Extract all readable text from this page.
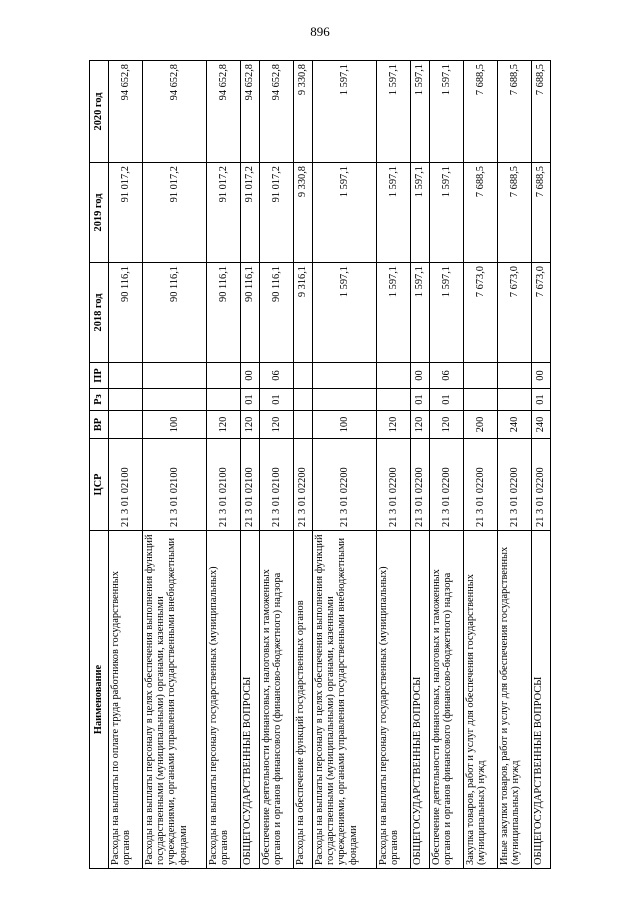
896
Наименование	ЦСР	ВР	Рз	ПР	2018 год	2019 год	2020 год
Расходы на выплаты по оплате труда работников государственных органов	21 3 01 02100				90 116,1	91 017,2	94 652,8
Расходы на выплаты персоналу в целях обеспечения выполнения функций государственными (муниципальными) органами, казенными учреждениями, органами управления государственными внебюджетными фондами	21 3 01 02100	100			90 116,1	91 017,2	94 652,8
Расходы на выплаты персоналу государственных (муниципальных) органов	21 3 01 02100	120			90 116,1	91 017,2	94 652,8
ОБЩЕГОСУДАРСТВЕННЫЕ ВОПРОСЫ	21 3 01 02100	120	01	00	90 116,1	91 017,2	94 652,8
Обеспечение деятельности финансовых, налоговых и таможенных органов и органов финансового (финансово-бюджетного) надзора	21 3 01 02100	120	01	06	90 116,1	91 017,2	94 652,8
Расходы на обеспечение функций государственных органов	21 3 01 02200				9 316,1	9 330,8	9 330,8
Расходы на выплаты персоналу в целях обеспечения выполнения функций государственными (муниципальными) органами, казенными учреждениями, органами управления государственными внебюджетными фондами	21 3 01 02200	100			1 597,1	1 597,1	1 597,1
Расходы на выплаты персоналу государственных (муниципальных) органов	21 3 01 02200	120			1 597,1	1 597,1	1 597,1
ОБЩЕГОСУДАРСТВЕННЫЕ ВОПРОСЫ	21 3 01 02200	120	01	00	1 597,1	1 597,1	1 597,1
Обеспечение деятельности финансовых, налоговых и таможенных органов и органов финансового (финансово-бюджетного) надзора	21 3 01 02200	120	01	06	1 597,1	1 597,1	1 597,1
Закупка товаров, работ и услуг для обеспечения государственных (муниципальных) нужд	21 3 01 02200	200			7 673,0	7 688,5	7 688,5
Иные закупки товаров, работ и услуг для обеспечения государственных (муниципальных) нужд	21 3 01 02200	240			7 673,0	7 688,5	7 688,5
ОБЩЕГОСУДАРСТВЕННЫЕ ВОПРОСЫ	21 3 01 02200	240	01	00	7 673,0	7 688,5	7 688,5
